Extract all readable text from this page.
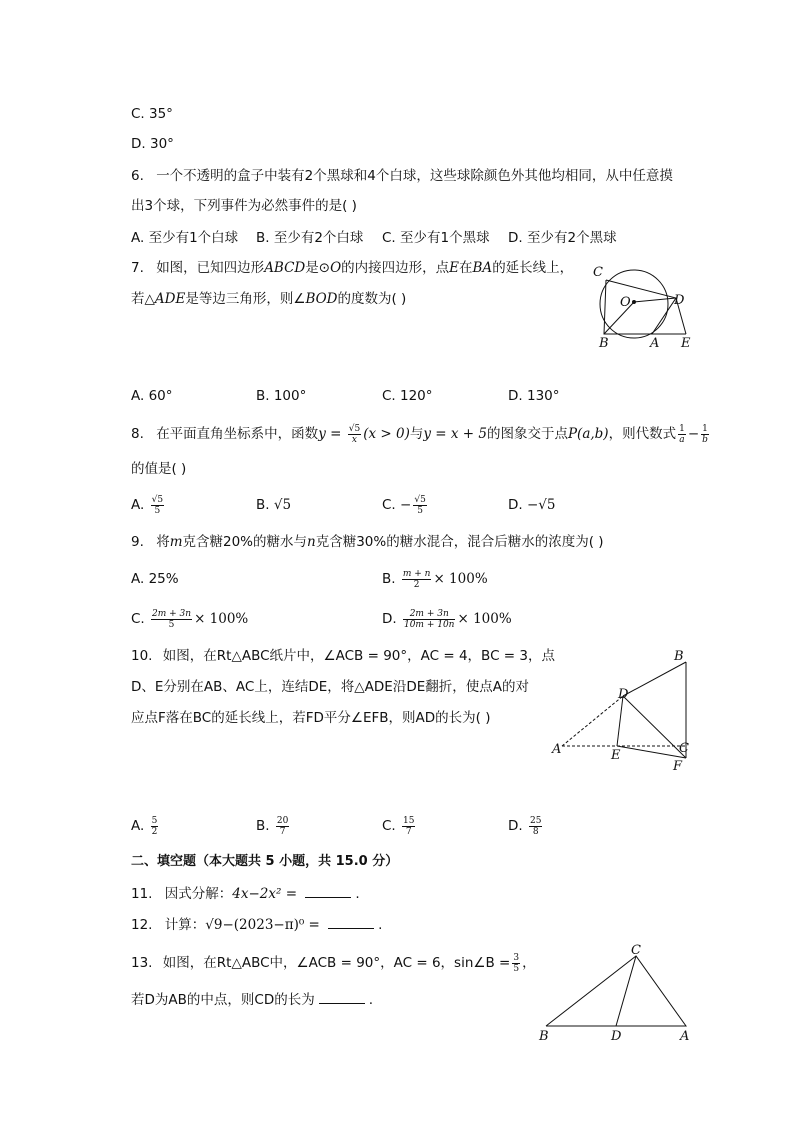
C. 35°
D. 30°
6. 一个不透明的盒子中装有2个黑球和4个白球，这些球除颜色外其他均相同，从中任意摸
出3个球，下列事件为必然事件的是( )
A. 至少有1个白球 B. 至少有2个白球 C. 至少有1个黑球 D. 至少有2个黑球
7. 如图，已知四边形ABCD是⊙O的内接四边形，点E在BA的延长线上，
若△ADE是等边三角形，则∠BOD的度数为( )
C
O	D
B	A E
A. 60°	B. 100°	C. 120°	D. 130°
8. 在平面直角坐标系中，函数$y = \frac{√5}{x} (x > 0)$与y = x + 5的图象交于点P(a,b)，则代数式 $\frac{1}{a} - \frac{1}{b}$
的值是( )
A. $\frac{√5}{5}$	B. √5	C. − $\frac{√5}{5}$	D. −√5
9. 将m克含糖20%的糖水与n克含糖30%的糖水混合，混合后糖水的浓度为( )
A. 25%	B. $\frac{m + n}{2} \times 100\%$
C. $\frac{2m + 3n}{5} \times 100\%$	D. $\frac{2m + 3n}{10m + 10n} \times 100\%$
10. 如图，在Rt△ABC纸片中，∠ACB = 90°，AC = 4，BC = 3，点
D、E分别在AB、AC上，连结DE，将△ADE沿DE翻折，使点A的对
应点F落在BC的延长线上，若FD平分∠EFB，则AD的长为( )
B
D
A	E	C
F
A. $\frac{5}{2}$	B. $\frac{20}{7}$	C. $\frac{15}{7}$	D. $\frac{25}{8}$
二、填空题（本大题共 5 小题，共 15.0 分）
11. 因式分解：4x−2x² =	.
12. 计算：√9−(2023−π)⁰ =	.
13. 如图，在Rt△ABC中，∠ACB = 90°，AC = 6，sin∠B = $\frac{3}{5}$ ，
若D为AB的中点，则CD的长为	.
C
B	D	A
